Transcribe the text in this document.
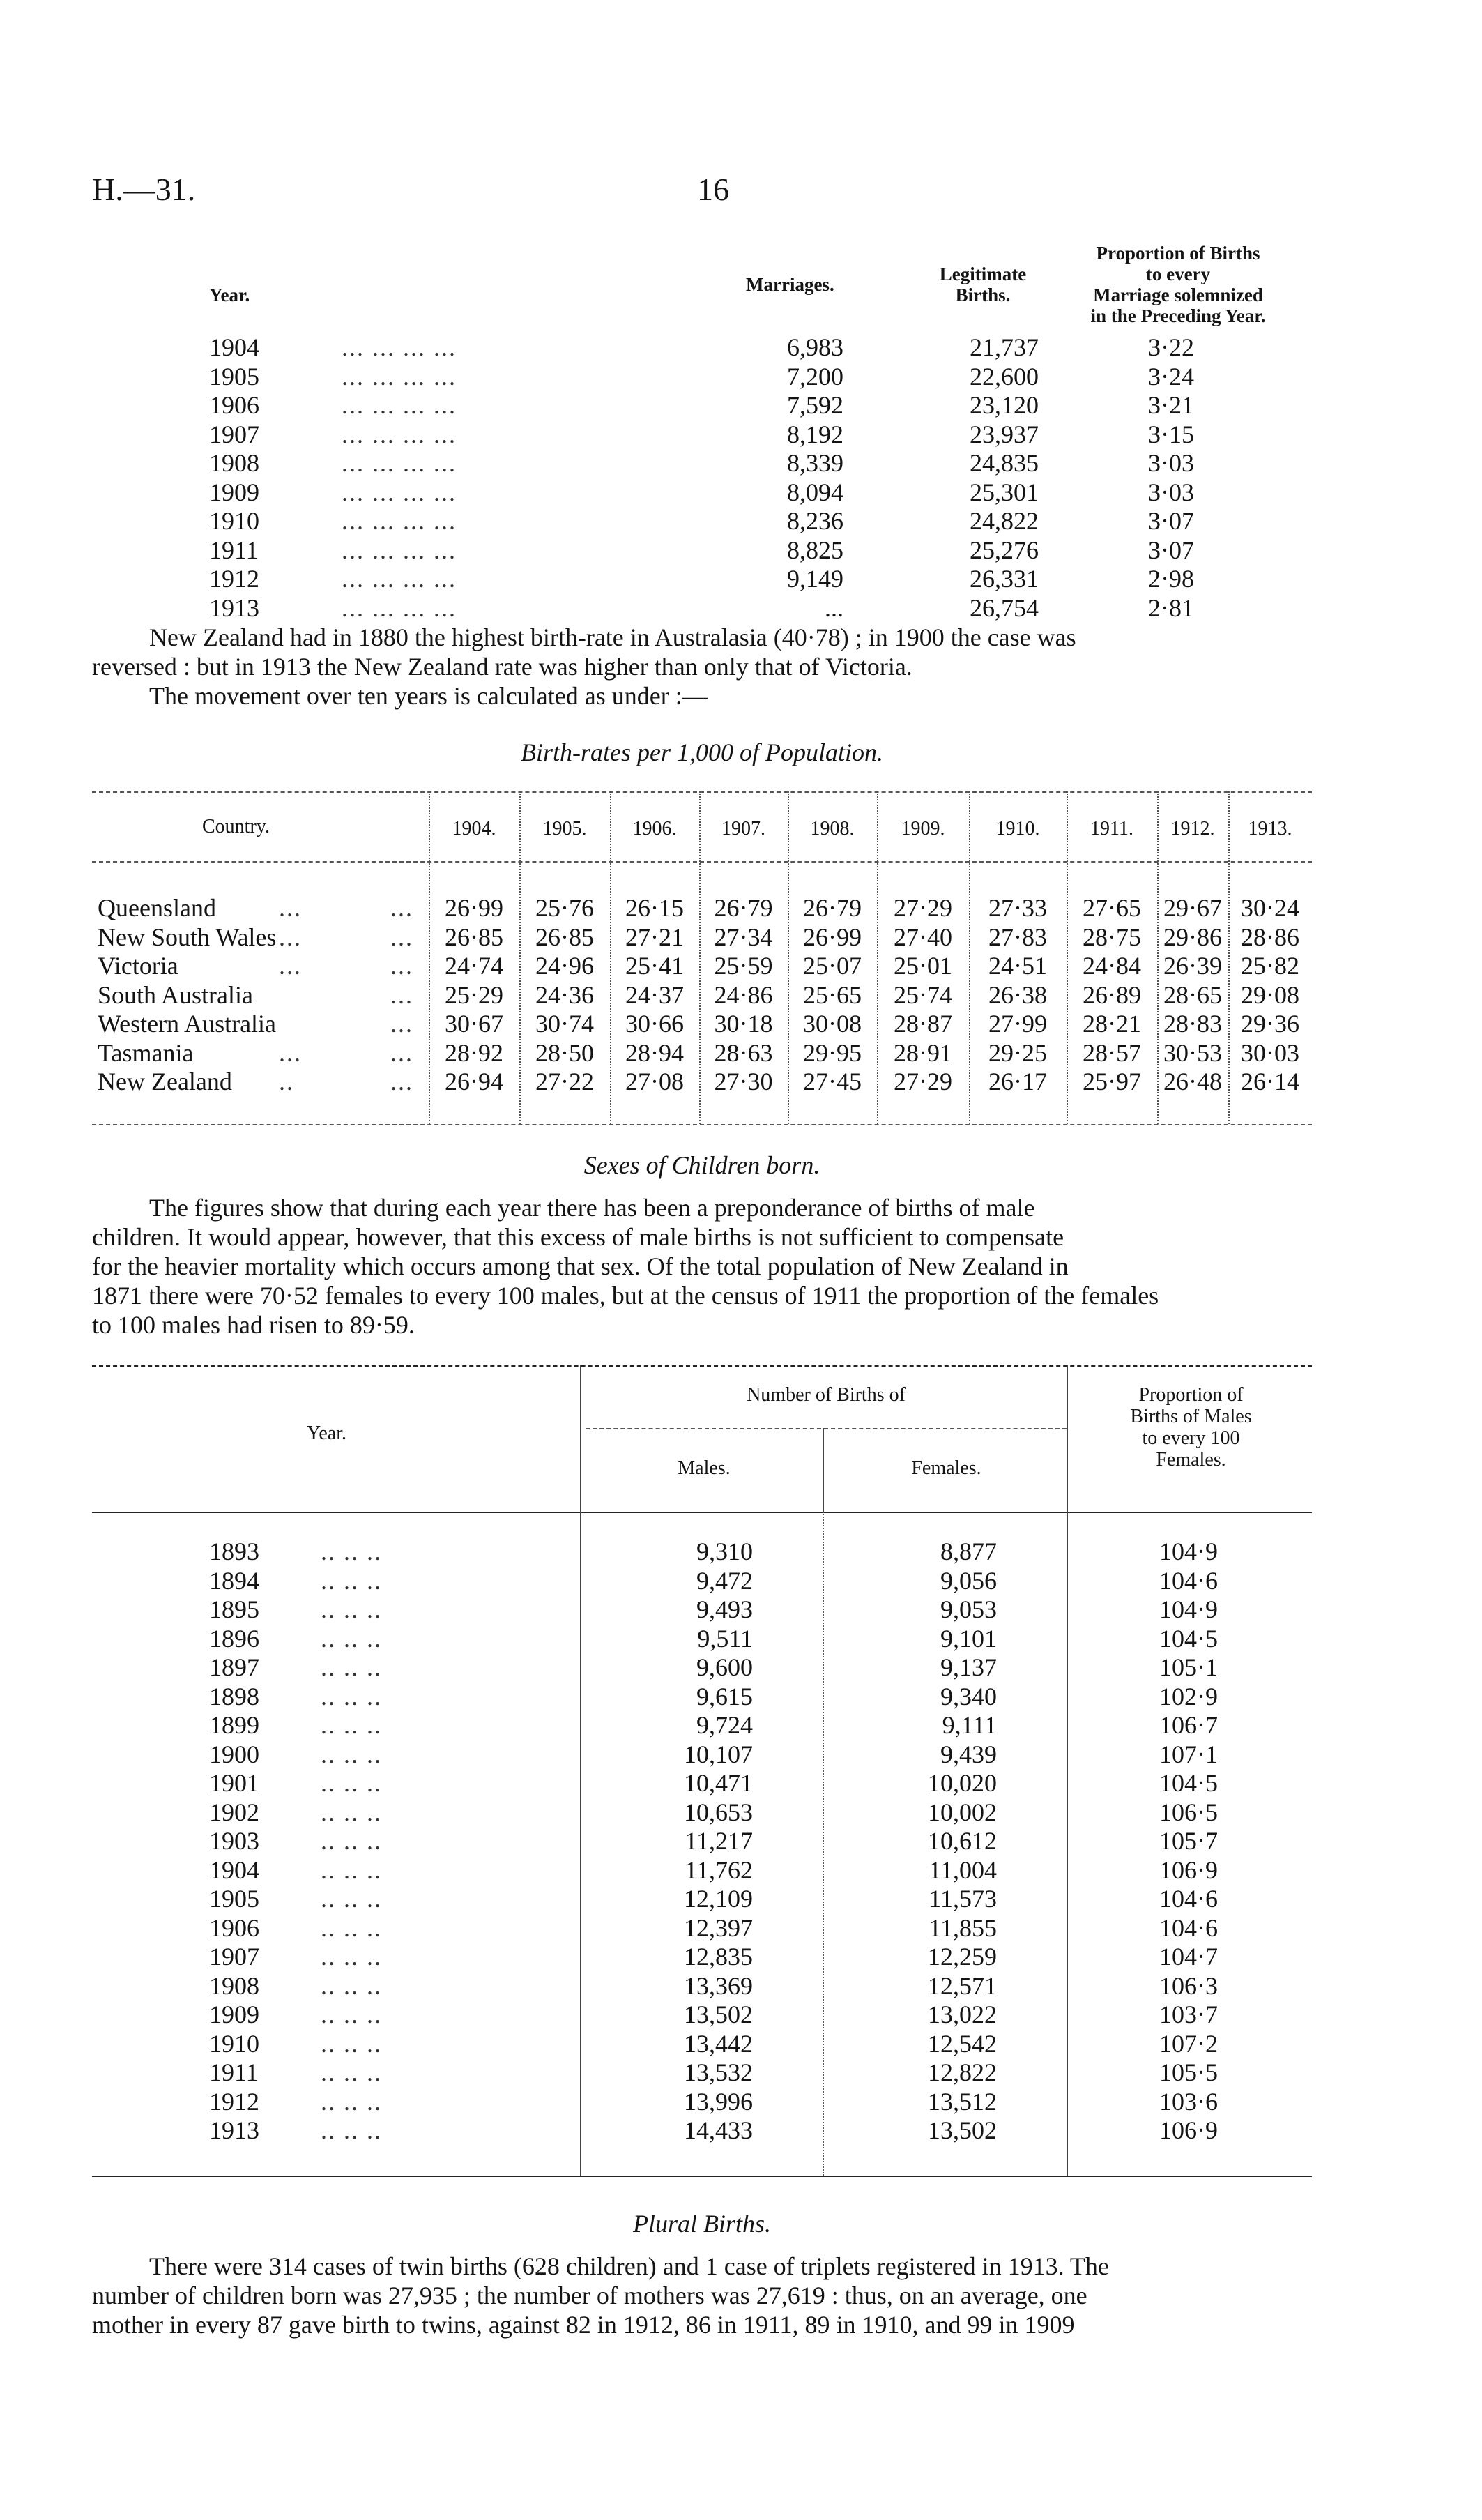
H.—31.	16
Year.	Marriages.	Legitimate
Births.
Proportion of Births
to every
Marriage solemnized
in the Preceding Year.
1904	... ... ... ...	6,983	21,737	3·22
1905	... ... ... ...	7,200	22,600	3·24
1906	... ... ... ...	7,592	23,120	3·21
1907	... ... ... ...	8,192	23,937	3·15
1908	... ... ... ...	8,339	24,835	3·03
1909	... ... ... ...	8,094	25,301	3·03
1910	... ... ... ...	8,236	24,822	3·07
1911	... ... ... ...	8,825	25,276	3·07
1912	... ... ... ...	9,149	26,331	2·98
1913	... ... ... ...	...	26,754	2·81
New Zealand had in 1880 the highest birth-rate in Australasia (40·78) ; in 1900 the case was
reversed : but in 1913 the New Zealand rate was higher than only that of Victoria.
The movement over ten years is calculated as under :—
Birth-rates per 1,000 of Population.
Country.	1904.	1905.	1906.	1907.	1908.	1909.	1910.	1911.	1912.	1913.
Queensland	...	...	26·99	25·76	26·15	26·79	26·79	27·29	27·33	27·65 29·67 30·24
New South Wales ...	...	26·85	26·85	27·21	27·34	26·99	27·40	27·83	28·75 29·86 28·86
Victoria	...	...	24·74	24·96	25·41	25·59	25·07	25·01	24·51	24·84 26·39 25·82
South Australia	...	25·29	24·36	24·37	24·86	25·65	25·74	26·38	26·89 28·65 29·08
Western Australia	...	30·67	30·74	30·66	30·18	30·08	28·87	27·99	28·21 28·83 29·36
Tasmania	...	...	28·92	28·50	28·94	28·63	29·95	28·91	29·25	28·57 30·53 30·03
New Zealand ..	...	26·94	27·22	27·08	27·30	27·45	27·29	26·17	25·97 26·48 26·14
Sexes of Children born.
The figures show that during each year there has been a preponderance of births of male
children. It would appear, however, that this excess of male births is not sufficient to compensate
for the heavier mortality which occurs among that sex. Of the total population of New Zealand in
1871 there were 70·52 females to every 100 males, but at the census of 1911 the proportion of the females
to 100 males had risen to 89·59.
Year.
Number of Births of
Males.	Females.
Proportion of
Births of Males
to every 100
Females.
1893 .. .. ..	9,310	8,877	104·9
1894 .. .. ..	9,472	9,056	104·6
1895 .. .. ..	9,493	9,053	104·9
1896 .. .. ..	9,511	9,101	104·5
1897 .. .. ..	9,600	9,137	105·1
1898 .. .. ..	9,615	9,340	102·9
1899 .. .. ..	9,724	9,111	106·7
1900 .. .. ..	10,107	9,439	107·1
1901 .. .. ..	10,471	10,020	104·5
1902 .. .. ..	10,653	10,002	106·5
1903 .. .. ..	11,217	10,612	105·7
1904 .. .. ..	11,762	11,004	106·9
1905 .. .. ..	12,109	11,573	104·6
1906 .. .. ..	12,397	11,855	104·6
1907 .. .. ..	12,835	12,259	104·7
1908 .. .. ..	13,369	12,571	106·3
1909 .. .. ..	13,502	13,022	103·7
1910 .. .. ..	13,442	12,542	107·2
1911 .. .. ..	13,532	12,822	105·5
1912 .. .. ..	13,996	13,512	103·6
1913 .. .. ..	14,433	13,502	106·9
Plural Births.
There were 314 cases of twin births (628 children) and 1 case of triplets registered in 1913. The
number of children born was 27,935 ; the number of mothers was 27,619 : thus, on an average, one
mother in every 87 gave birth to twins, against 82 in 1912, 86 in 1911, 89 in 1910, and 99 in 1909
